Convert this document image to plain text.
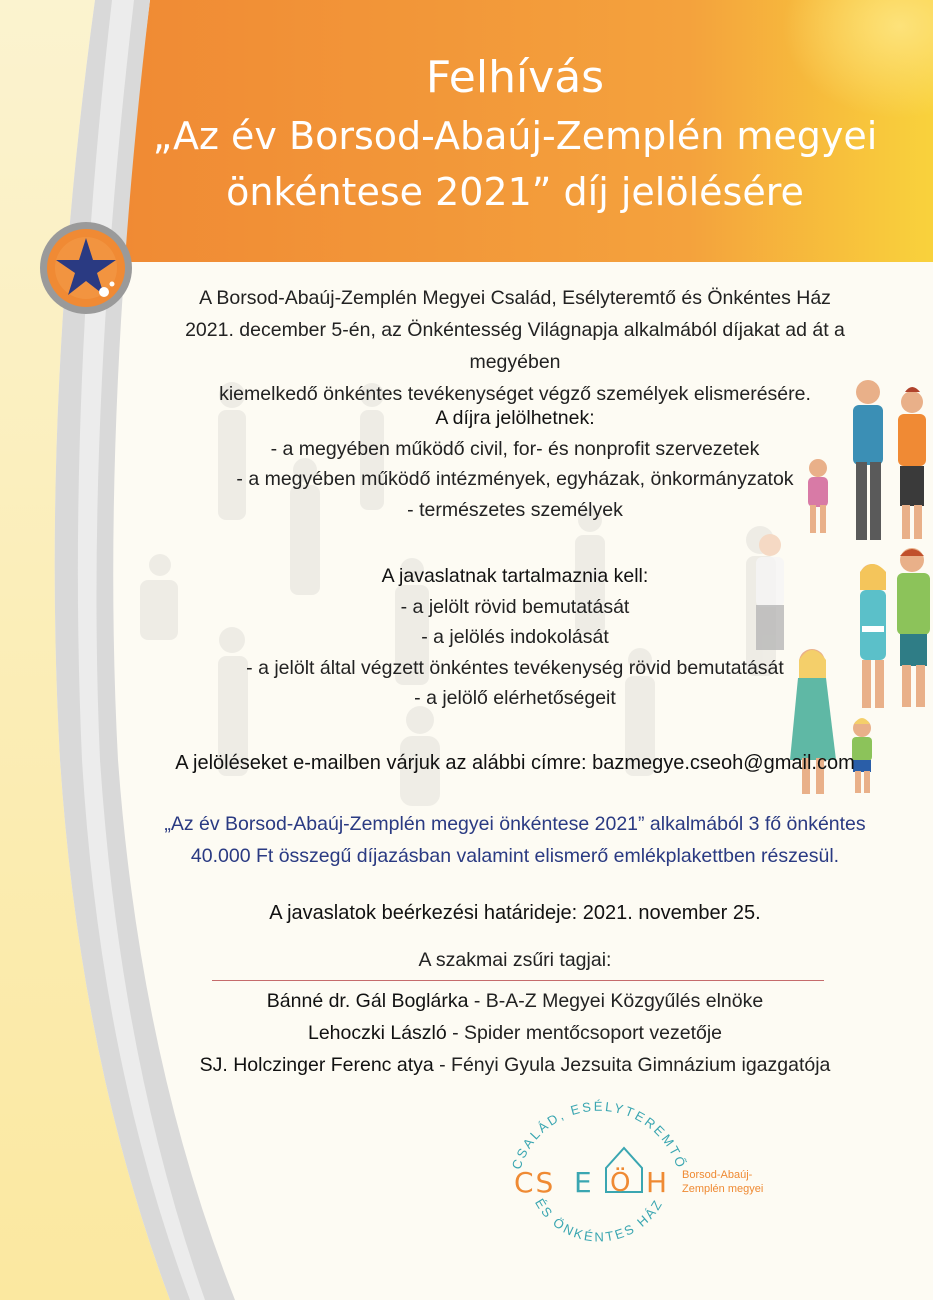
Felhívás
„Az év Borsod-Abaúj-Zemplén megyei
önkéntese 2021” díj jelölésére
A Borsod-Abaúj-Zemplén Megyei Család, Esélyteremtő és Önkéntes Ház
2021. december 5-én, az Önkéntesség Világnapja alkalmából díjakat ad át a megyében
kiemelkedő önkéntes tevékenységet végző személyek elismerésére.
A díjra jelölhetnek:
- a megyében működő civil, for- és nonprofit szervezetek
- a megyében működő intézmények, egyházak, önkormányzatok
- természetes személyek
A javaslatnak tartalmaznia kell:
- a jelölt rövid bemutatását
- a jelölés indokolását
- a jelölt által végzett önkéntes tevékenység rövid bemutatását
- a jelölő elérhetőségeit
A jelöléseket e-mailben várjuk az alábbi címre: bazmegye.cseoh@gmail.com
„Az év Borsod-Abaúj-Zemplén megyei önkéntese 2021” alkalmából 3 fő önkéntes
40.000 Ft összegű díjazásban valamint elismerő emlékplakettben részesül.
A javaslatok beérkezési határideje: 2021. november 25.
A szakmai zsűri tagjai:
Bánné dr. Gál Boglárka - B-A-Z Megyei Közgyűlés elnöke
Lehoczki László - Spider mentőcsoport vezetője
SJ. Holczinger Ferenc atya - Fényi Gyula Jezsuita Gimnázium igazgatója
CSALÁD, ESÉLYTEREMTŐ
ÉS ÖNKÉNTES HÁZ
CS E Ö H Borsod-Abaúj-
Zemplén megyei
